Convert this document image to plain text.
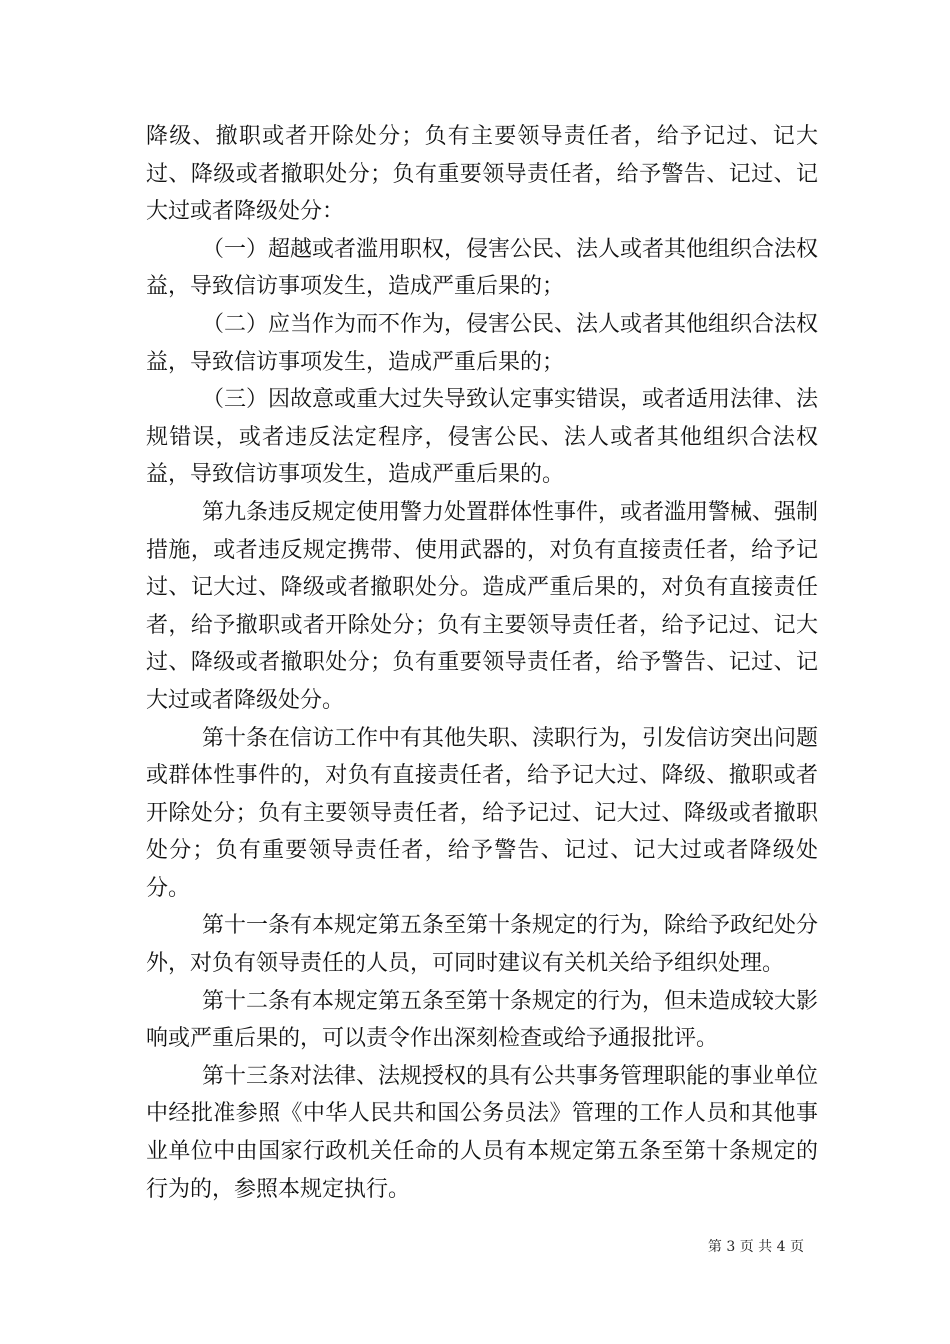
降级、撤职或者开除处分；负有主要领导责任者，给予记过、记大过、降级或者撤职处分；负有重要领导责任者，给予警告、记过、记大过或者降级处分：

（一）超越或者滥用职权，侵害公民、法人或者其他组织合法权益，导致信访事项发生，造成严重后果的；

（二）应当作为而不作为，侵害公民、法人或者其他组织合法权益，导致信访事项发生，造成严重后果的；

（三）因故意或重大过失导致认定事实错误，或者适用法律、法规错误，或者违反法定程序，侵害公民、法人或者其他组织合法权益，导致信访事项发生，造成严重后果的。

第九条违反规定使用警力处置群体性事件，或者滥用警械、强制措施，或者违反规定携带、使用武器的，对负有直接责任者，给予记过、记大过、降级或者撤职处分。造成严重后果的，对负有直接责任者，给予撤职或者开除处分；负有主要领导责任者，给予记过、记大过、降级或者撤职处分；负有重要领导责任者，给予警告、记过、记大过或者降级处分。

第十条在信访工作中有其他失职、渎职行为，引发信访突出问题或群体性事件的，对负有直接责任者，给予记大过、降级、撤职或者开除处分；负有主要领导责任者，给予记过、记大过、降级或者撤职处分；负有重要领导责任者，给予警告、记过、记大过或者降级处分。

第十一条有本规定第五条至第十条规定的行为，除给予政纪处分外，对负有领导责任的人员，可同时建议有关机关给予组织处理。

第十二条有本规定第五条至第十条规定的行为，但未造成较大影响或严重后果的，可以责令作出深刻检查或给予通报批评。

第十三条对法律、法规授权的具有公共事务管理职能的事业单位中经批准参照《中华人民共和国公务员法》管理的工作人员和其他事业单位中由国家行政机关任命的人员有本规定第五条至第十条规定的行为的，参照本规定执行。

第 3 页 共 4 页
